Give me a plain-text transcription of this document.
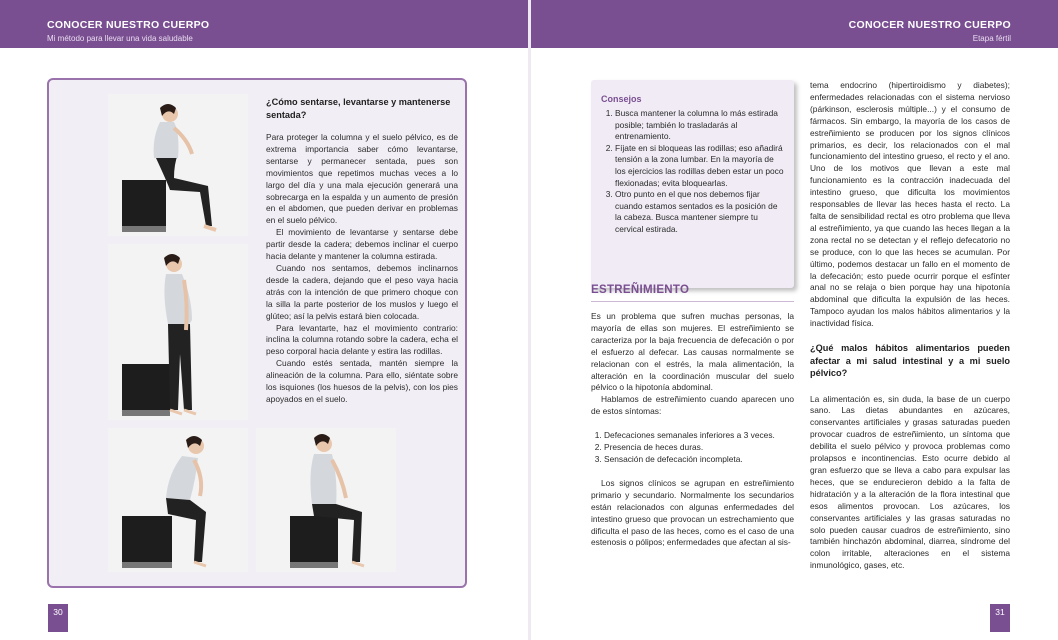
CONOCER NUESTRO CUERPO
Mi método para llevar una vida saludable
CONOCER NUESTRO CUERPO
Etapa fértil
¿Cómo sentarse, levantarse y mantenerse sentada?

Para proteger la columna y el suelo pélvico, es de extrema importancia saber cómo levantarse, sentarse y permanecer sentada, pues son movimientos que repetimos muchas veces a lo largo del día y una mala ejecución generará una sobrecarga en la espalda y un aumento de presión en el abdomen, que pueden derivar en problemas en el suelo pélvico.

El movimiento de levantarse y sentarse debe partir desde la cadera; debemos inclinar el cuerpo hacia delante y mantener la columna estirada.

Cuando nos sentamos, debemos inclinarnos desde la cadera, dejando que el peso vaya hacia atrás con la intención de que primero choque con la silla la parte posterior de los muslos y luego el glúteo; así la pelvis estará bien colocada.

Para levantarte, haz el movimiento contrario: inclina la columna rotando sobre la cadera, echa el peso corporal hacia delante y estira las rodillas.

Cuando estés sentada, mantén siempre la alineación de la columna. Para ello, siéntate sobre los isquiones (los huesos de la pelvis), con los pies apoyados en el suelo.

30
Consejos
1. Busca mantener la columna lo más estirada posible; también lo trasladarás al entrenamiento.
2. Fíjate en si bloqueas las rodillas; eso añadirá tensión a la zona lumbar. En la mayoría de los ejercicios las rodillas deben estar un poco flexionadas; evita bloquearlas.
3. Otro punto en el que nos debemos fijar cuando estamos sentados es la posición de la cabeza. Busca mantener siempre tu cervical estirada.
ESTREÑIMIENTO

Es un problema que sufren muchas personas, la mayoría de ellas son mujeres. El estreñimiento se caracteriza por la baja frecuencia de defecación o por el esfuerzo al defecar. Las causas normalmente se relacionan con el estrés, la mala alimentación, la alteración en la coordinación muscular del suelo pélvico o la hipotonía abdominal.

Hablamos de estreñimiento cuando aparecen uno de estos síntomas:

1. Defecaciones semanales inferiores a 3 veces.
2. Presencia de heces duras.
3. Sensación de defecación incompleta.

Los signos clínicos se agrupan en estreñimiento primario y secundario. Normalmente los secundarios están relacionados con algunas enfermedades del intestino grueso que provocan un estrechamiento que dificulta el paso de las heces, como es el caso de una estenosis o pólipos; enfermedades que afectan al sis-

tema endocrino (hipertiroidismo y diabetes); enfermedades relacionadas con el sistema nervioso (párkinson, esclerosis múltiple...) y el consumo de fármacos. Sin embargo, la mayoría de los casos de estreñimiento se producen por los signos clínicos primarios, es decir, los relacionados con el mal funcionamiento del intestino grueso, el recto y el ano. Uno de los motivos que llevan a este mal funcionamiento es la contracción inadecuada del intestino grueso, que dificulta los movimientos responsables de llevar las heces hasta el recto. La falta de sensibilidad rectal es otro problema que lleva al estreñimiento, ya que cuando las heces llegan a la zona rectal no se detectan y el reflejo defecatorio no se produce, con lo que las heces se acumulan. Por último, podemos destacar un fallo en el momento de la defecación; esto puede ocurrir porque el esfínter anal no se relaja o bien porque hay una hipotonía abdominal que dificulta la expulsión de las heces. Tampoco ayudan los malos hábitos alimentarios y la inactividad física.

¿Qué malos hábitos alimentarios pueden afectar a mi salud intestinal y a mi suelo pélvico?

La alimentación es, sin duda, la base de un cuerpo sano. Las dietas abundantes en azúcares, conservantes artificiales y grasas saturadas pueden provocar cuadros de estreñimiento, un síntoma que debilita el suelo pélvico y provoca problemas como prolapsos e incontinencias. Esto ocurre debido al gran esfuerzo que se lleva a cabo para expulsar las heces, que se endurecieron debido a la falta de hidratación y a la alteración de la flora intestinal que esos alimentos provocan. Los azúcares, los conservantes artificiales y las grasas saturadas no solo pueden causar cuadros de estreñimiento, sino también hinchazón abdominal, diarrea, síndrome del colon irritable, alteraciones en el sistema inmunológico, gases, etc.

31
